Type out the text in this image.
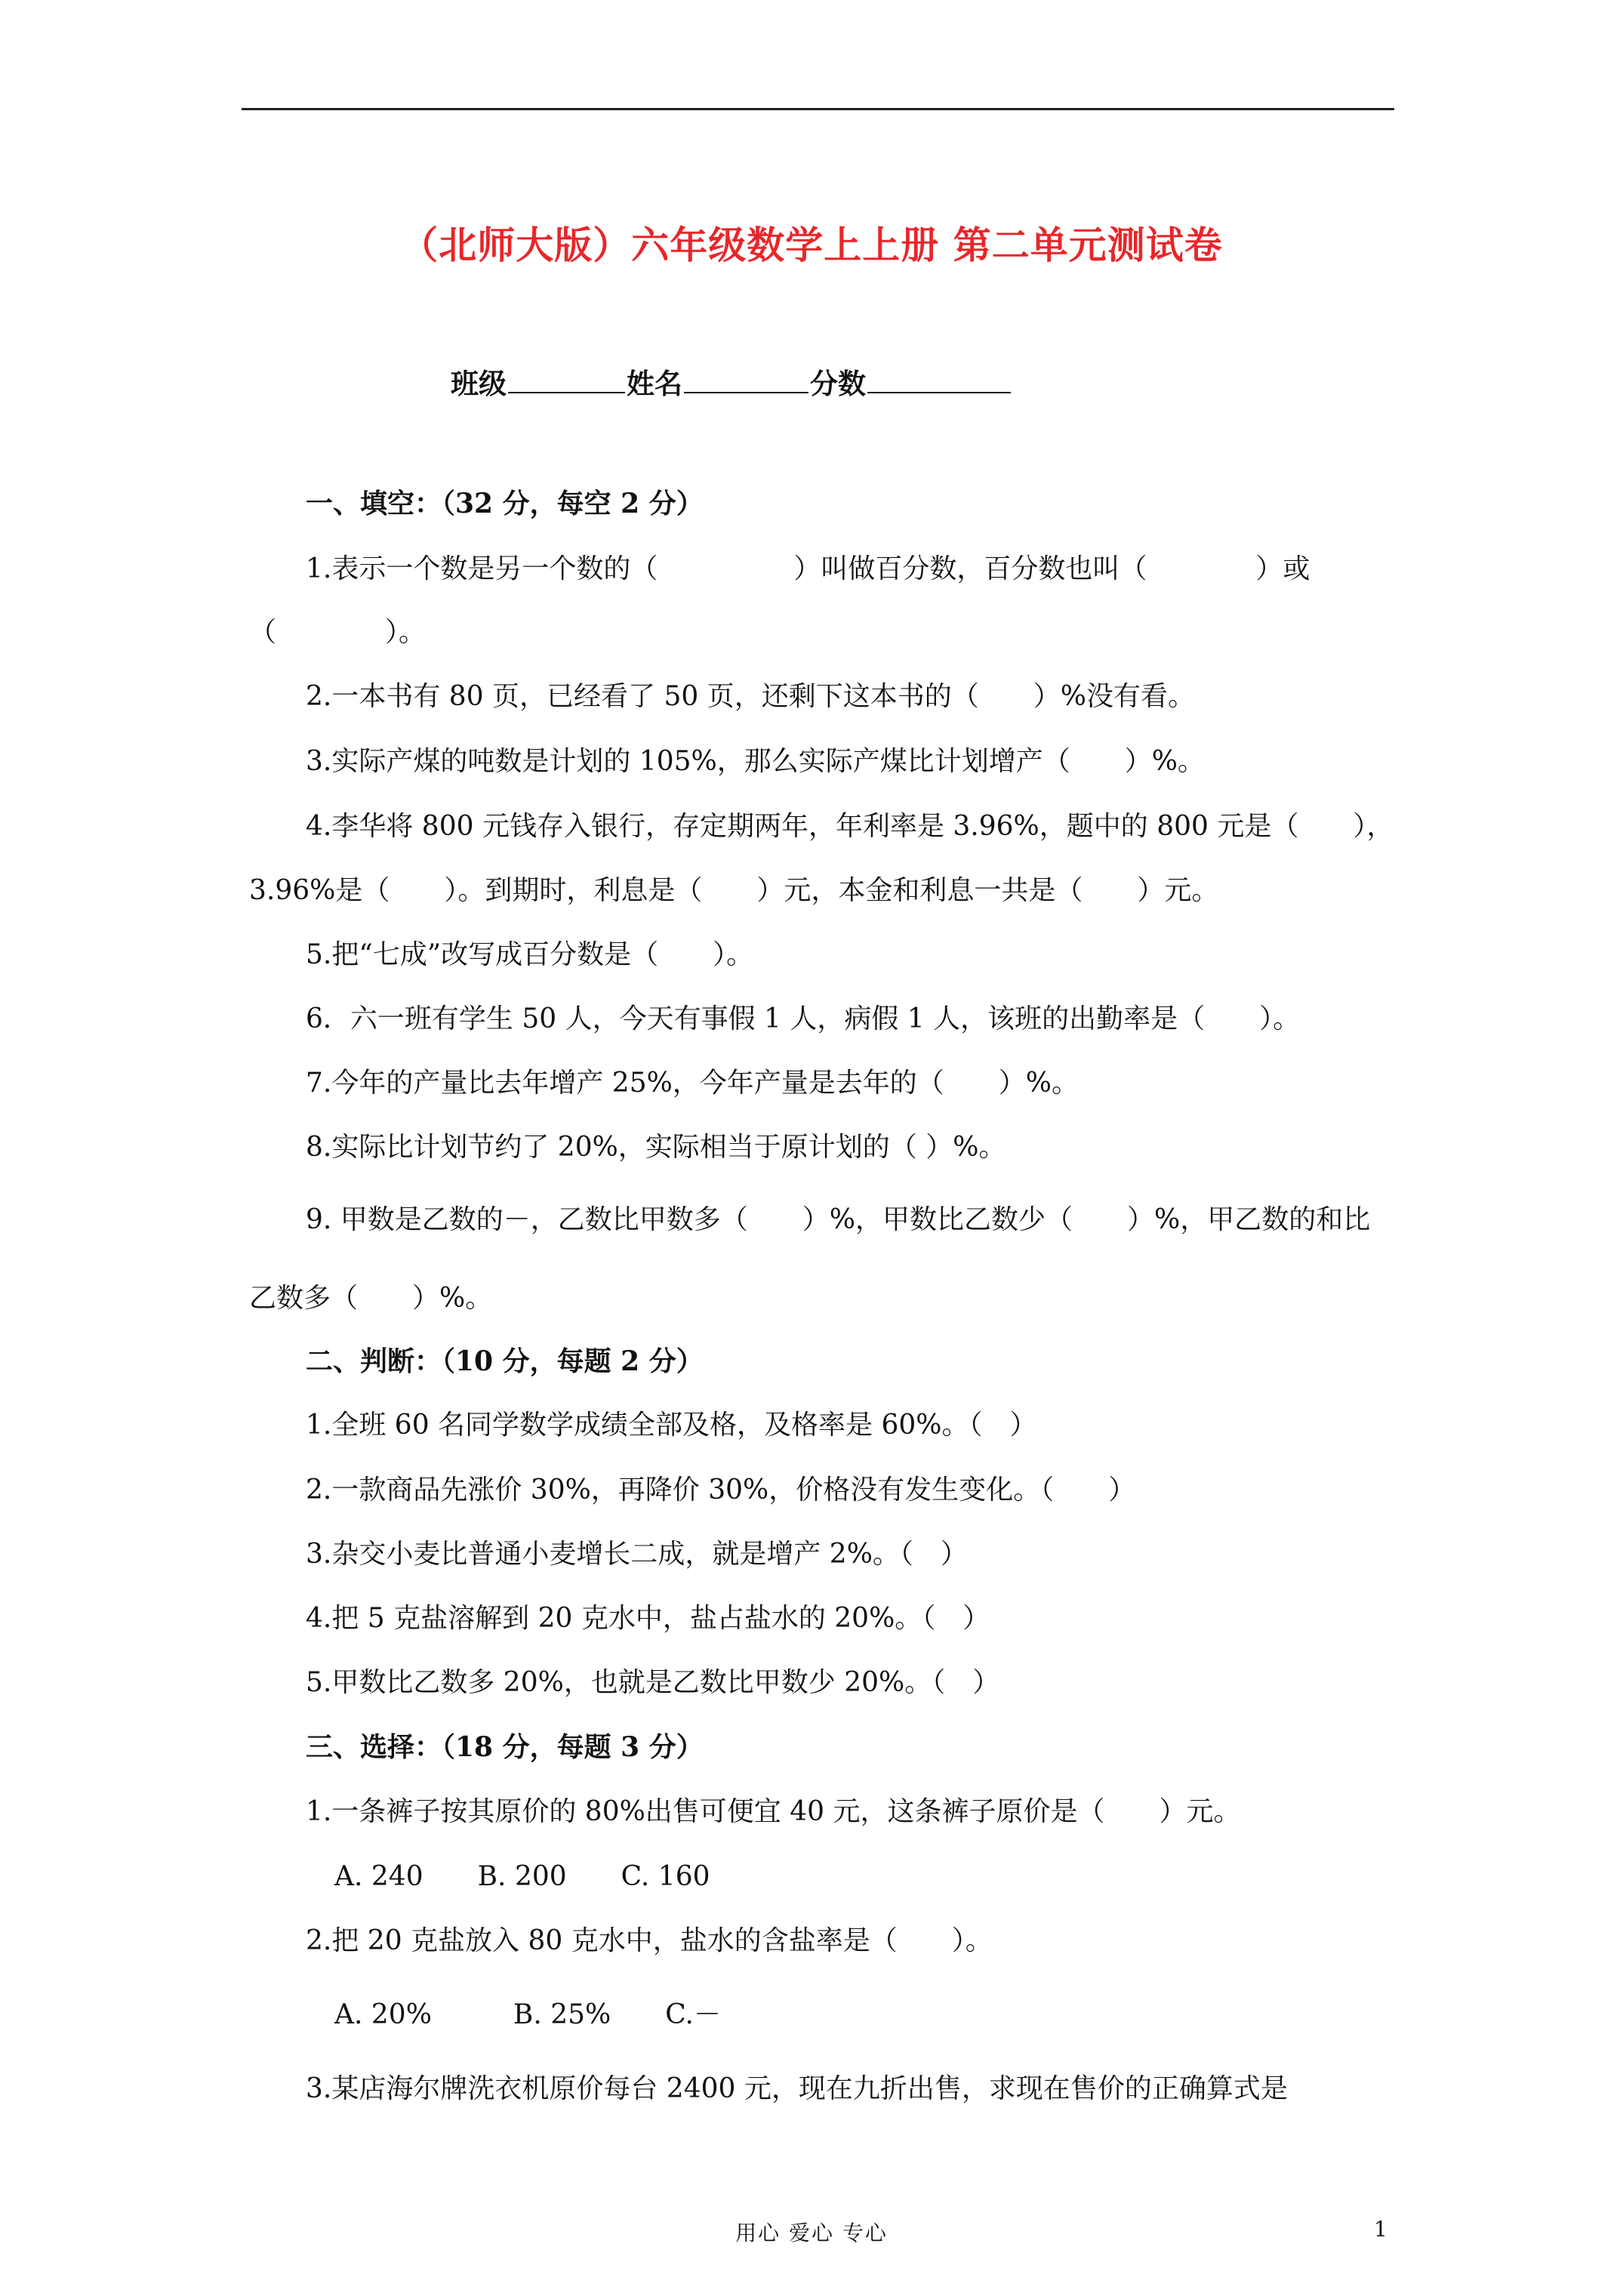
（北师大版）六年级数学上上册 第二单元测试卷
班级	姓名	分数
一、填空：（32 分，每空 2 分）
1.表示一个数是另一个数的（　　　　　）叫做百分数，百分数也叫（　　　　）或
（　　　　）。
2.一本书有 80 页，已经看了 50 页，还剩下这本书的（　　）%没有看。
3.实际产煤的吨数是计划的 105%，那么实际产煤比计划增产（　　）%。
4.李华将 800 元钱存入银行，存定期两年，年利率是 3.96%，题中的 800 元是（　　），
3.96%是（　　）。到期时，利息是（　　）元，本金和利息一共是（　　）元。
5.把“七成”改写成百分数是（　　）。
6．六一班有学生 50 人，今天有事假 1 人，病假 1 人，该班的出勤率是（　　）。
7.今年的产量比去年增产 25%，今年产量是去年的（　　）%。
8.实际比计划节约了 20%，实际相当于原计划的（ ）%。
9. 甲数是乙数的－，乙数比甲数多（　　）%，甲数比乙数少（　　）%，甲乙数的和比
乙数多（　　）%。
二、判断：（10 分，每题 2 分）
1.全班 60 名同学数学成绩全部及格，及格率是 60%。（　）
2.一款商品先涨价 30%，再降价 30%，价格没有发生变化。（　　）
3.杂交小麦比普通小麦增长二成，就是增产 2%。（　）
4.把 5 克盐溶解到 20 克水中，盐占盐水的 20%。（　）
5.甲数比乙数多 20%，也就是乙数比甲数少 20%。（　）
三、选择：（18 分，每题 3 分）
1.一条裤子按其原价的 80%出售可便宜 40 元，这条裤子原价是（　　）元。
A. 240　　B. 200　　C. 160
2.把 20 克盐放入 80 克水中，盐水的含盐率是（　　）。
A. 20%　　　B. 25%　　C.－
3.某店海尔牌洗衣机原价每台 2400 元，现在九折出售，求现在售价的正确算式是
用心 爱心 专心	1
